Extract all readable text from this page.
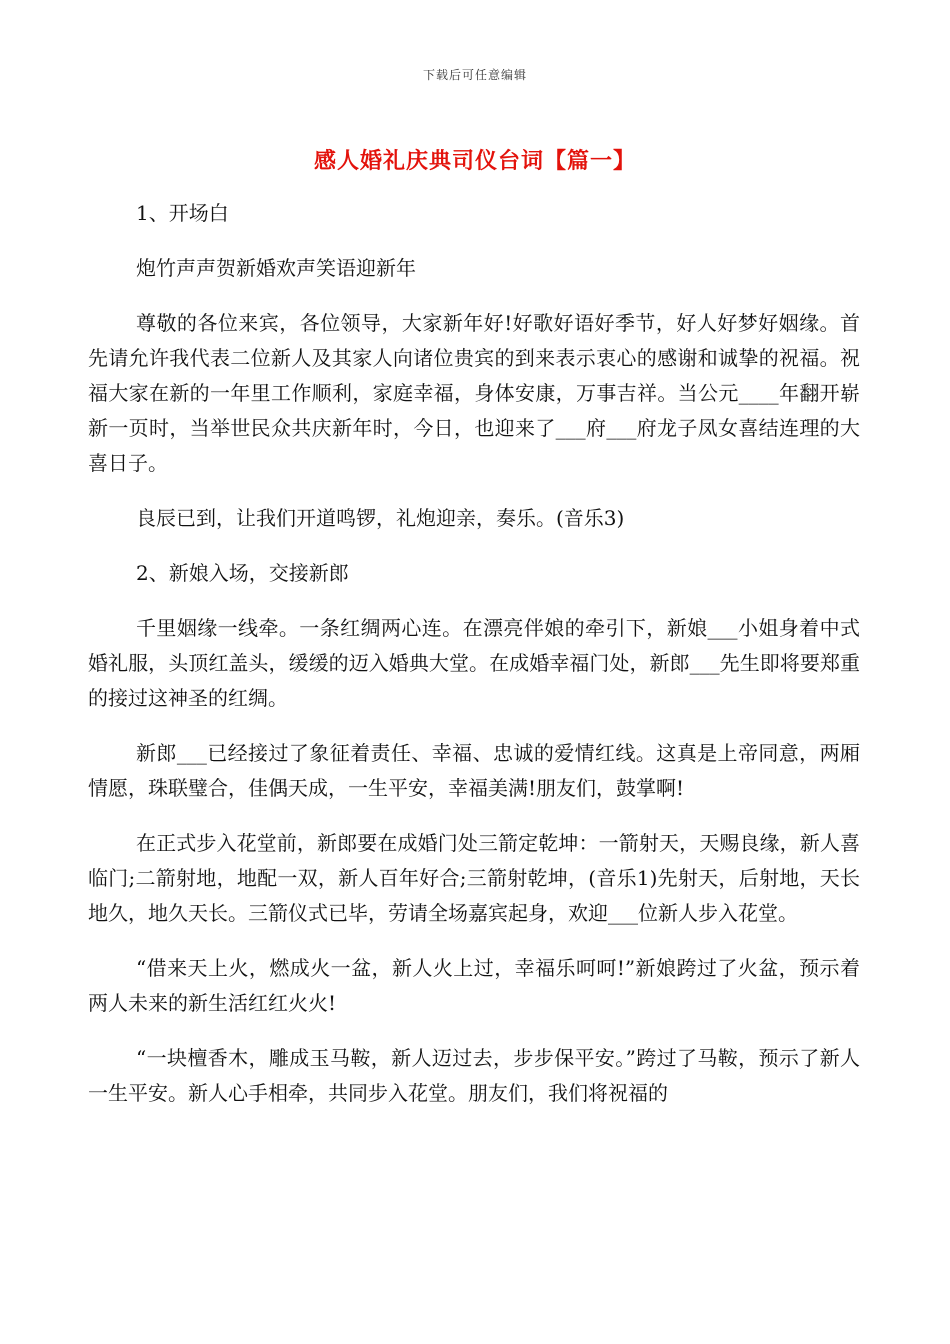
下载后可任意编辑
感人婚礼庆典司仪台词【篇一】

1、开场白

炮竹声声贺新婚欢声笑语迎新年

尊敬的各位来宾，各位领导，大家新年好!好歌好语好季节，好人好梦好姻缘。首先请允许我代表二位新人及其家人向诸位贵宾的到来表示衷心的感谢和诚挚的祝福。祝福大家在新的一年里工作顺利，家庭幸福，身体安康，万事吉祥。当公元____年翻开崭新一页时，当举世民众共庆新年时，今日，也迎来了___府___府龙子凤女喜结连理的大喜日子。

良辰已到，让我们开道鸣锣，礼炮迎亲，奏乐。(音乐3)

2、新娘入场，交接新郎

千里姻缘一线牵。一条红绸两心连。在漂亮伴娘的牵引下，新娘___小姐身着中式婚礼服，头顶红盖头，缓缓的迈入婚典大堂。在成婚幸福门处，新郎___先生即将要郑重的接过这神圣的红绸。

新郎___已经接过了象征着责任、幸福、忠诚的爱情红线。这真是上帝同意，两厢情愿，珠联璧合，佳偶天成，一生平安，幸福美满!朋友们，鼓掌啊!

在正式步入花堂前，新郎要在成婚门处三箭定乾坤：一箭射天，天赐良缘，新人喜临门;二箭射地，地配一双，新人百年好合;三箭射乾坤，(音乐1)先射天，后射地，天长地久，地久天长。三箭仪式已毕，劳请全场嘉宾起身，欢迎___位新人步入花堂。

“借来天上火，燃成火一盆，新人火上过，幸福乐呵呵!”新娘跨过了火盆，预示着两人未来的新生活红红火火!

“一块檀香木，雕成玉马鞍，新人迈过去，步步保平安。”跨过了马鞍，预示了新人一生平安。新人心手相牵，共同步入花堂。朋友们，我们将祝福的
